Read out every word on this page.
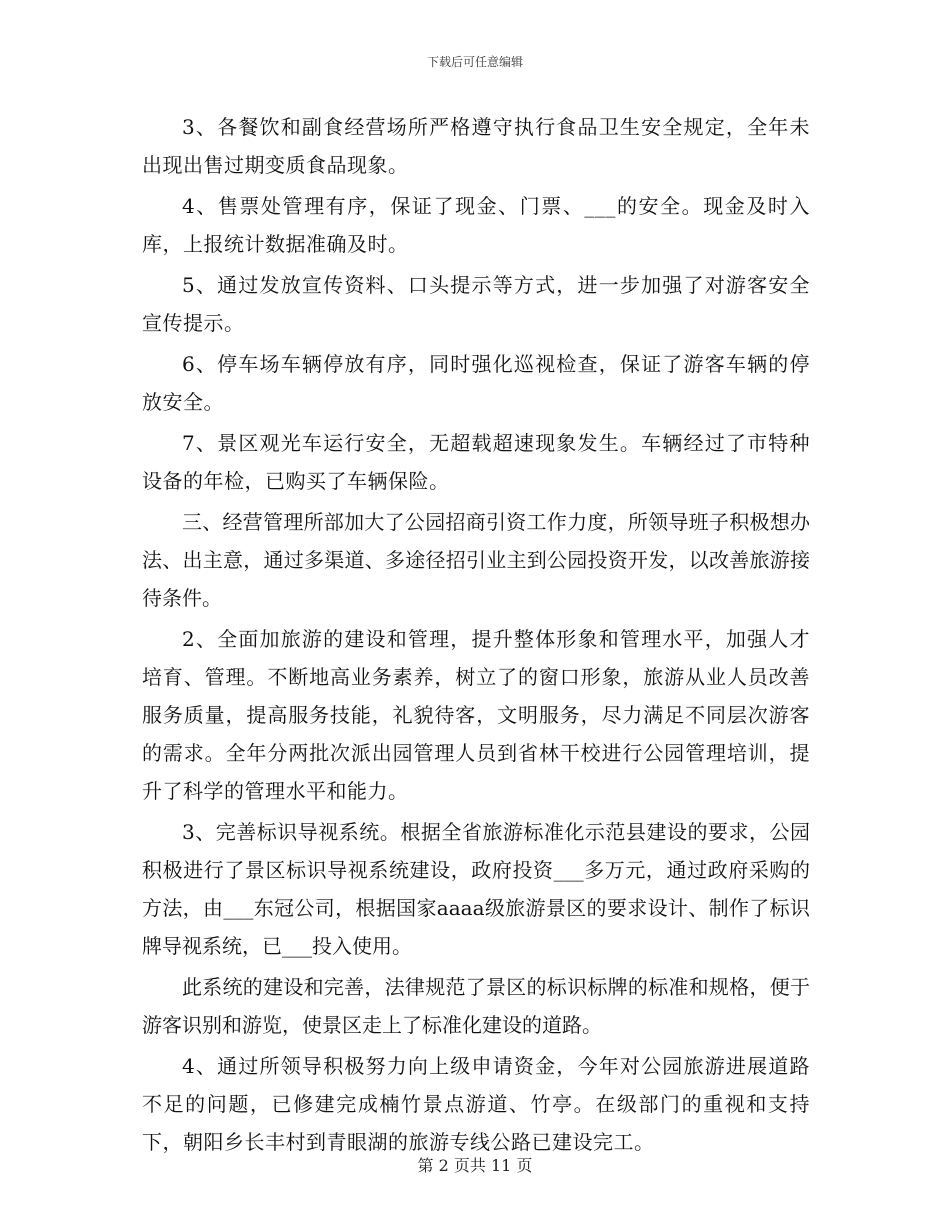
下载后可任意编辑

3、各餐饮和副食经营场所严格遵守执行食品卫生安全规定，全年未出现出售过期变质食品现象。

4、售票处管理有序，保证了现金、门票、___的安全。现金及时入库，上报统计数据准确及时。

5、通过发放宣传资料、口头提示等方式，进一步加强了对游客安全宣传提示。

6、停车场车辆停放有序，同时强化巡视检查，保证了游客车辆的停放安全。

7、景区观光车运行安全，无超载超速现象发生。车辆经过了市特种设备的年检，已购买了车辆保险。

三、经营管理所部加大了公园招商引资工作力度，所领导班子积极想办法、出主意，通过多渠道、多途径招引业主到公园投资开发，以改善旅游接待条件。

2、全面加旅游的建设和管理，提升整体形象和管理水平，加强人才培育、管理。不断地高业务素养，树立了的窗口形象，旅游从业人员改善服务质量，提高服务技能，礼貌待客，文明服务，尽力满足不同层次游客的需求。全年分两批次派出园管理人员到省林干校进行公园管理培训，提升了科学的管理水平和能力。

3、完善标识导视系统。根据全省旅游标准化示范县建设的要求，公园积极进行了景区标识导视系统建设，政府投资___多万元，通过政府采购的方法，由___东冠公司，根据国家aaaa级旅游景区的要求设计、制作了标识牌导视系统，已___投入使用。

此系统的建设和完善，法律规范了景区的标识标牌的标准和规格，便于游客识别和游览，使景区走上了标准化建设的道路。

4、通过所领导积极努力向上级申请资金，今年对公园旅游进展道路不足的问题，已修建完成楠竹景点游道、竹亭。在级部门的重视和支持下，朝阳乡长丰村到青眼湖的旅游专线公路已建设完工。

第 2 页共 11 页
